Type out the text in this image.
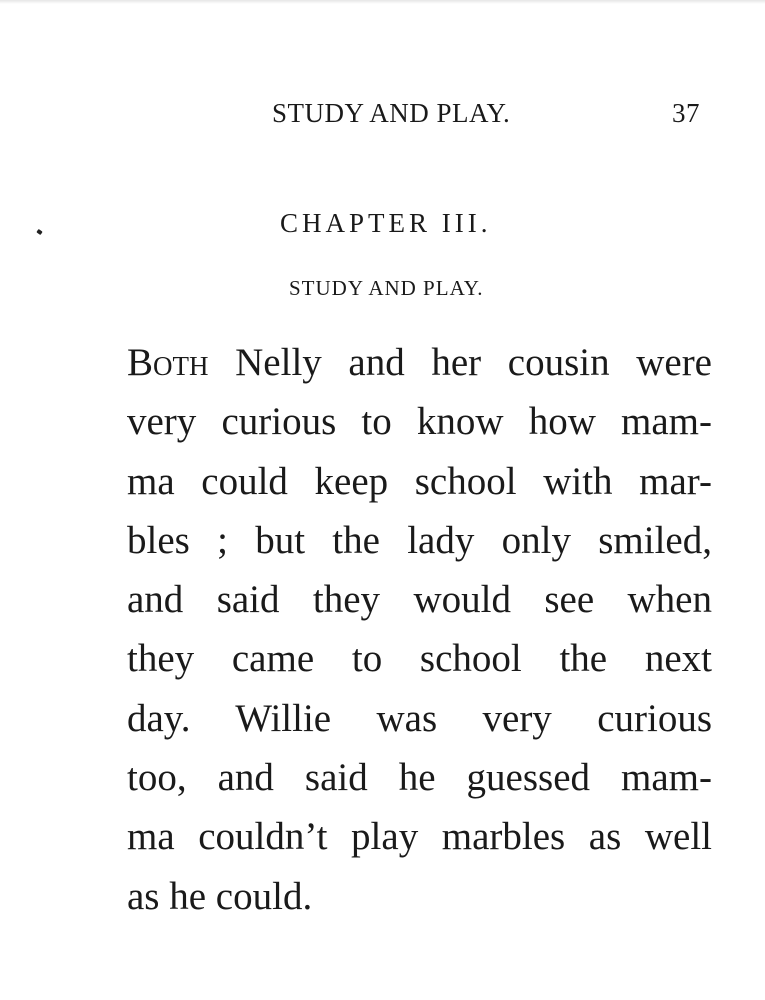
STUDY AND PLAY.	37
CHAPTER III.
STUDY AND PLAY.
Both Nelly and her cousin were
very curious to know how mam-
ma could keep school with mar-
bles ; but the lady only smiled,
and said they would see when
they came to school the next
day. Willie was very curious
too, and said he guessed mam-
ma couldn’t play marbles as well
as he could.
